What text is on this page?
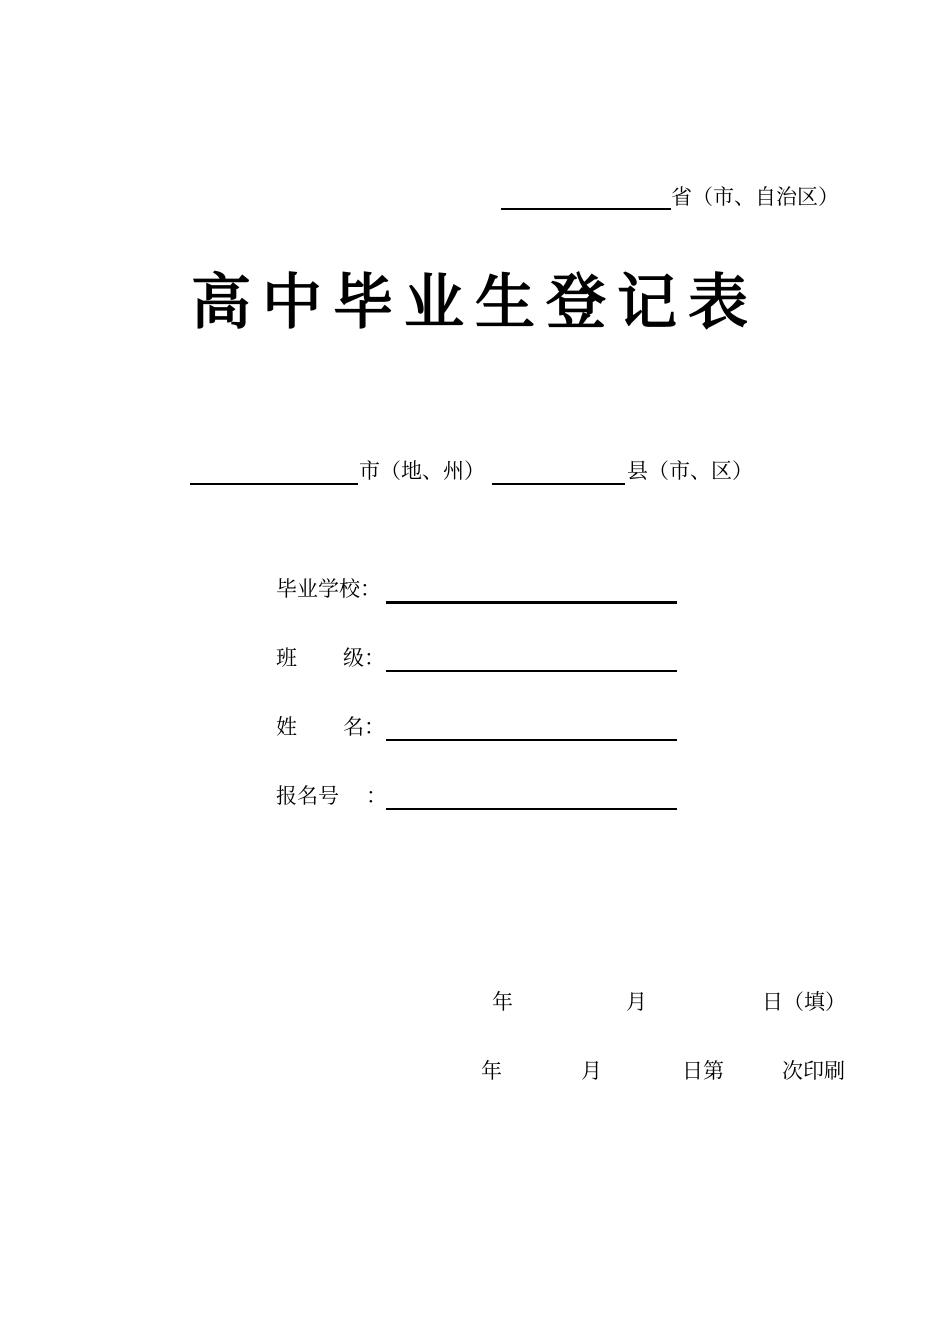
省（市、自治区）
高中毕业生登记表
市（地、州）	县（市、区）
毕业学校：
班 级：
姓 名：
报名号 ：
年	月	日（填）
年	月	日第	次印刷
